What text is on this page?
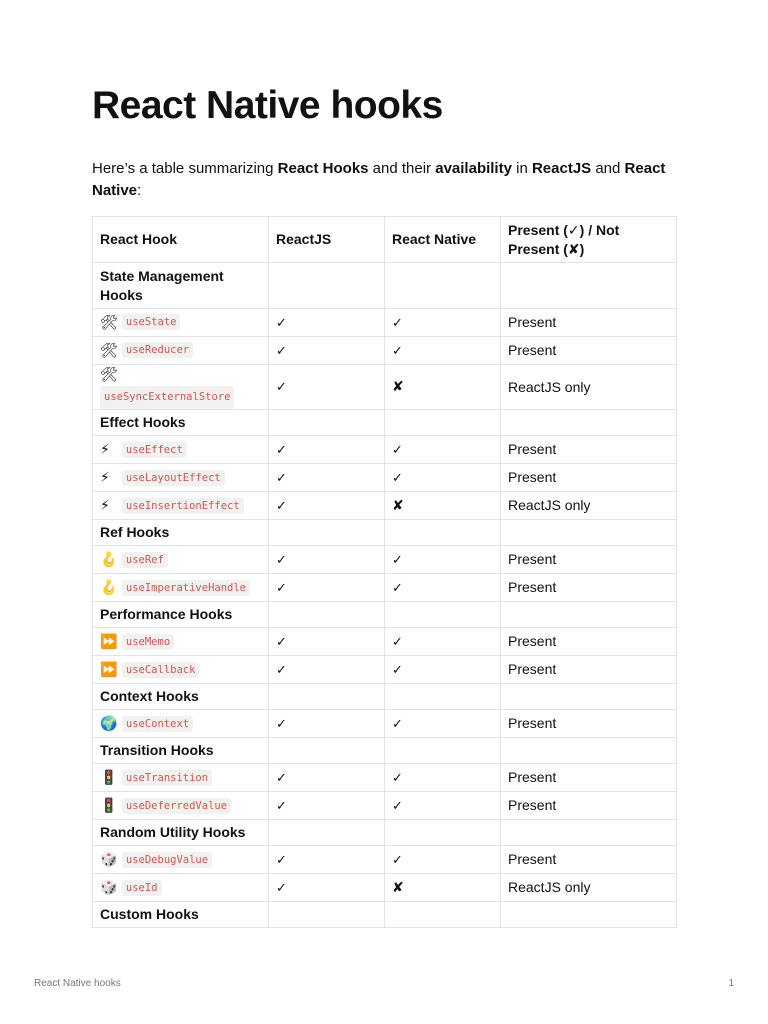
React Native hooks

Here’s a table summarizing React Hooks and their availability in ReactJS and React Native:

React Hook	ReactJS	React Native	Present (✓) / Not Present (✘)
State Management Hooks			
🛠 useState	✓	✓	Present
🛠 useReducer	✓	✓	Present
🛠
useSyncExternalStore	✓	✘	ReactJS only
Effect Hooks			
⚡ useEffect	✓	✓	Present
⚡ useLayoutEffect	✓	✓	Present
⚡ useInsertionEffect	✓	✘	ReactJS only
Ref Hooks			
🪝 useRef	✓	✓	Present
🪝 useImperativeHandle	✓	✓	Present
Performance Hooks			
⏩ useMemo	✓	✓	Present
⏩ useCallback	✓	✓	Present
Context Hooks			
🌍 useContext	✓	✓	Present
Transition Hooks			
🚦 useTransition	✓	✓	Present
🚦 useDeferredValue	✓	✓	Present
Random Utility Hooks			
🎲 useDebugValue	✓	✓	Present
🎲 useId	✓	✘	ReactJS only
Custom Hooks			
React Native hooks	1
